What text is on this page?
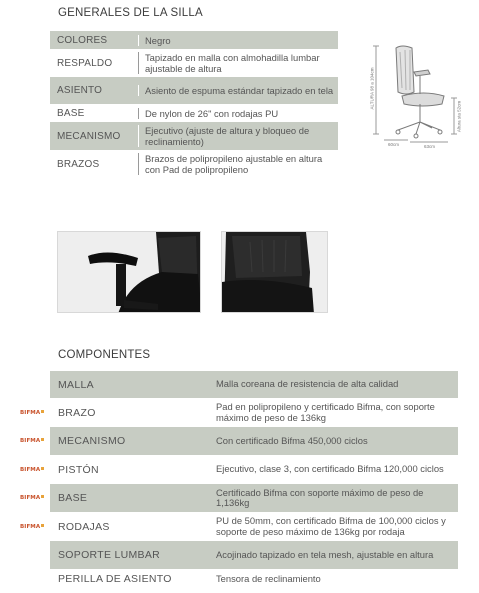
GENERALES DE LA SILLA
COLORES	Negro
RESPALDO	Tapizado en malla con almohadilla lumbar ajustable de altura
ASIENTO	Asiento de espuma estándar tapizado en tela
BASE	De nylon de 26" con rodajas PU
MECANISMO	Ejecutivo (ajuste de altura y bloqueo de reclinamiento)
BRAZOS	Brazos de polipropileno ajustable en altura con Pad de polipropileno
ALTURA 98 a 104cm
Altura sta 52cm
60cm	63cm
COMPONENTES
MALLA	Malla coreana de resistencia de alta calidad
BIFMA	BRAZO	Pad en polipropileno y certificado Bifma, con soporte máximo de peso de 136kg
BIFMA	MECANISMO	Con certificado Bifma 450,000 ciclos
BIFMA	PISTÓN	Ejecutivo, clase 3, con certificado Bifma 120,000 ciclos
BIFMA	BASE	Certificado Bifma con soporte máximo de peso de 1,136kg
BIFMA	RODAJAS	PU de 50mm, con certificado Bifma de 100,000 ciclos y soporte de peso máximo de 136kg por rodaja
SOPORTE LUMBAR	Acojinado tapizado en tela mesh, ajustable en altura
PERILLA DE ASIENTO	Tensora de reclinamiento
